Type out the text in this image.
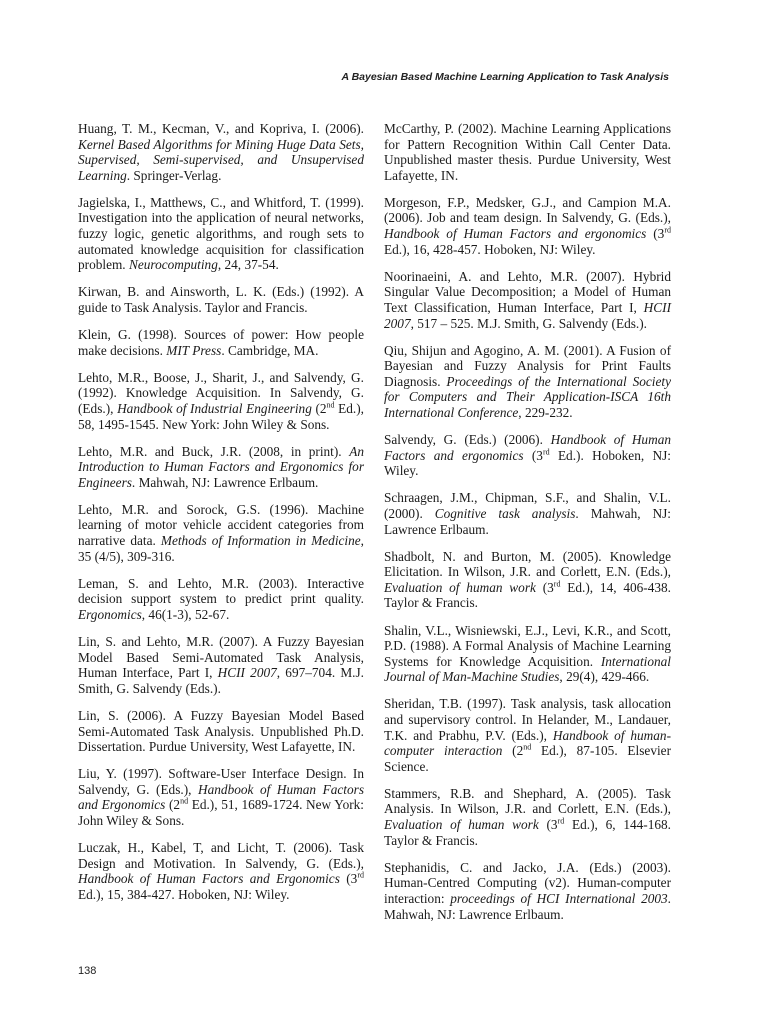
A Bayesian Based Machine Learning Application to Task Analysis

Huang, T. M., Kecman, V., and Kopriva, I. (2006). Kernel Based Algorithms for Mining Huge Data Sets, Supervised, Semi-supervised, and Unsupervised Learning. Springer-Verlag.

Jagielska, I., Matthews, C., and Whitford, T. (1999). Investigation into the application of neural networks, fuzzy logic, genetic algorithms, and rough sets to automated knowledge acquisition for classification problem. Neurocomputing, 24, 37-54.

Kirwan, B. and Ainsworth, L. K. (Eds.) (1992). A guide to Task Analysis. Taylor and Francis.

Klein, G. (1998). Sources of power: How people make decisions. MIT Press. Cambridge, MA.

Lehto, M.R., Boose, J., Sharit, J., and Salvendy, G. (1992). Knowledge Acquisition. In Salvendy, G. (Eds.), Handbook of Industrial Engineering (2nd Ed.), 58, 1495-1545. New York: John Wiley & Sons.

Lehto, M.R. and Buck, J.R. (2008, in print). An Introduction to Human Factors and Ergonomics for Engineers. Mahwah, NJ: Lawrence Erlbaum.

Lehto, M.R. and Sorock, G.S. (1996). Machine learning of motor vehicle accident categories from narrative data. Methods of Information in Medicine, 35 (4/5), 309-316.

Leman, S. and Lehto, M.R. (2003). Interactive decision support system to predict print quality. Ergonomics, 46(1-3), 52-67.

Lin, S. and Lehto, M.R. (2007). A Fuzzy Bayesian Model Based Semi-Automated Task Analysis, Human Interface, Part I, HCII 2007, 697–704. M.J. Smith, G. Salvendy (Eds.).

Lin, S. (2006). A Fuzzy Bayesian Model Based Semi-Automated Task Analysis. Unpublished Ph.D. Dissertation. Purdue University, West Lafayette, IN.

Liu, Y. (1997). Software-User Interface Design. In Salvendy, G. (Eds.), Handbook of Human Factors and Ergonomics (2nd Ed.), 51, 1689-1724. New York: John Wiley & Sons.

Luczak, H., Kabel, T, and Licht, T. (2006). Task Design and Motivation. In Salvendy, G. (Eds.), Handbook of Human Factors and Ergonomics (3rd Ed.), 15, 384-427. Hoboken, NJ: Wiley.

McCarthy, P. (2002). Machine Learning Applications for Pattern Recognition Within Call Center Data. Unpublished master thesis. Purdue University, West Lafayette, IN.

Morgeson, F.P., Medsker, G.J., and Campion M.A. (2006). Job and team design. In Salvendy, G. (Eds.), Handbook of Human Factors and ergonomics (3rd Ed.), 16, 428-457. Hoboken, NJ: Wiley.

Noorinaeini, A. and Lehto, M.R. (2007). Hybrid Singular Value Decomposition; a Model of Human Text Classification, Human Interface, Part I, HCII 2007, 517 – 525. M.J. Smith, G. Salvendy (Eds.).

Qiu, Shijun and Agogino, A. M. (2001). A Fusion of Bayesian and Fuzzy Analysis for Print Faults Diagnosis. Proceedings of the International Society for Computers and Their Application-ISCA 16th International Conference, 229-232.

Salvendy, G. (Eds.) (2006). Handbook of Human Factors and ergonomics (3rd Ed.). Hoboken, NJ: Wiley.

Schraagen, J.M., Chipman, S.F., and Shalin, V.L. (2000). Cognitive task analysis. Mahwah, NJ: Lawrence Erlbaum.

Shadbolt, N. and Burton, M. (2005). Knowledge Elicitation. In Wilson, J.R. and Corlett, E.N. (Eds.), Evaluation of human work (3rd Ed.), 14, 406-438. Taylor & Francis.

Shalin, V.L., Wisniewski, E.J., Levi, K.R., and Scott, P.D. (1988). A Formal Analysis of Machine Learning Systems for Knowledge Acquisition. International Journal of Man-Machine Studies, 29(4), 429-466.

Sheridan, T.B. (1997). Task analysis, task allocation and supervisory control. In Helander, M., Landauer, T.K. and Prabhu, P.V. (Eds.), Handbook of human-computer interaction (2nd Ed.), 87-105. Elsevier Science.

Stammers, R.B. and Shephard, A. (2005). Task Analysis. In Wilson, J.R. and Corlett, E.N. (Eds.), Evaluation of human work (3rd Ed.), 6, 144-168. Taylor & Francis.

Stephanidis, C. and Jacko, J.A. (Eds.) (2003). Human-Centred Computing (v2). Human-computer interaction: proceedings of HCI International 2003. Mahwah, NJ: Lawrence Erlbaum.

138
